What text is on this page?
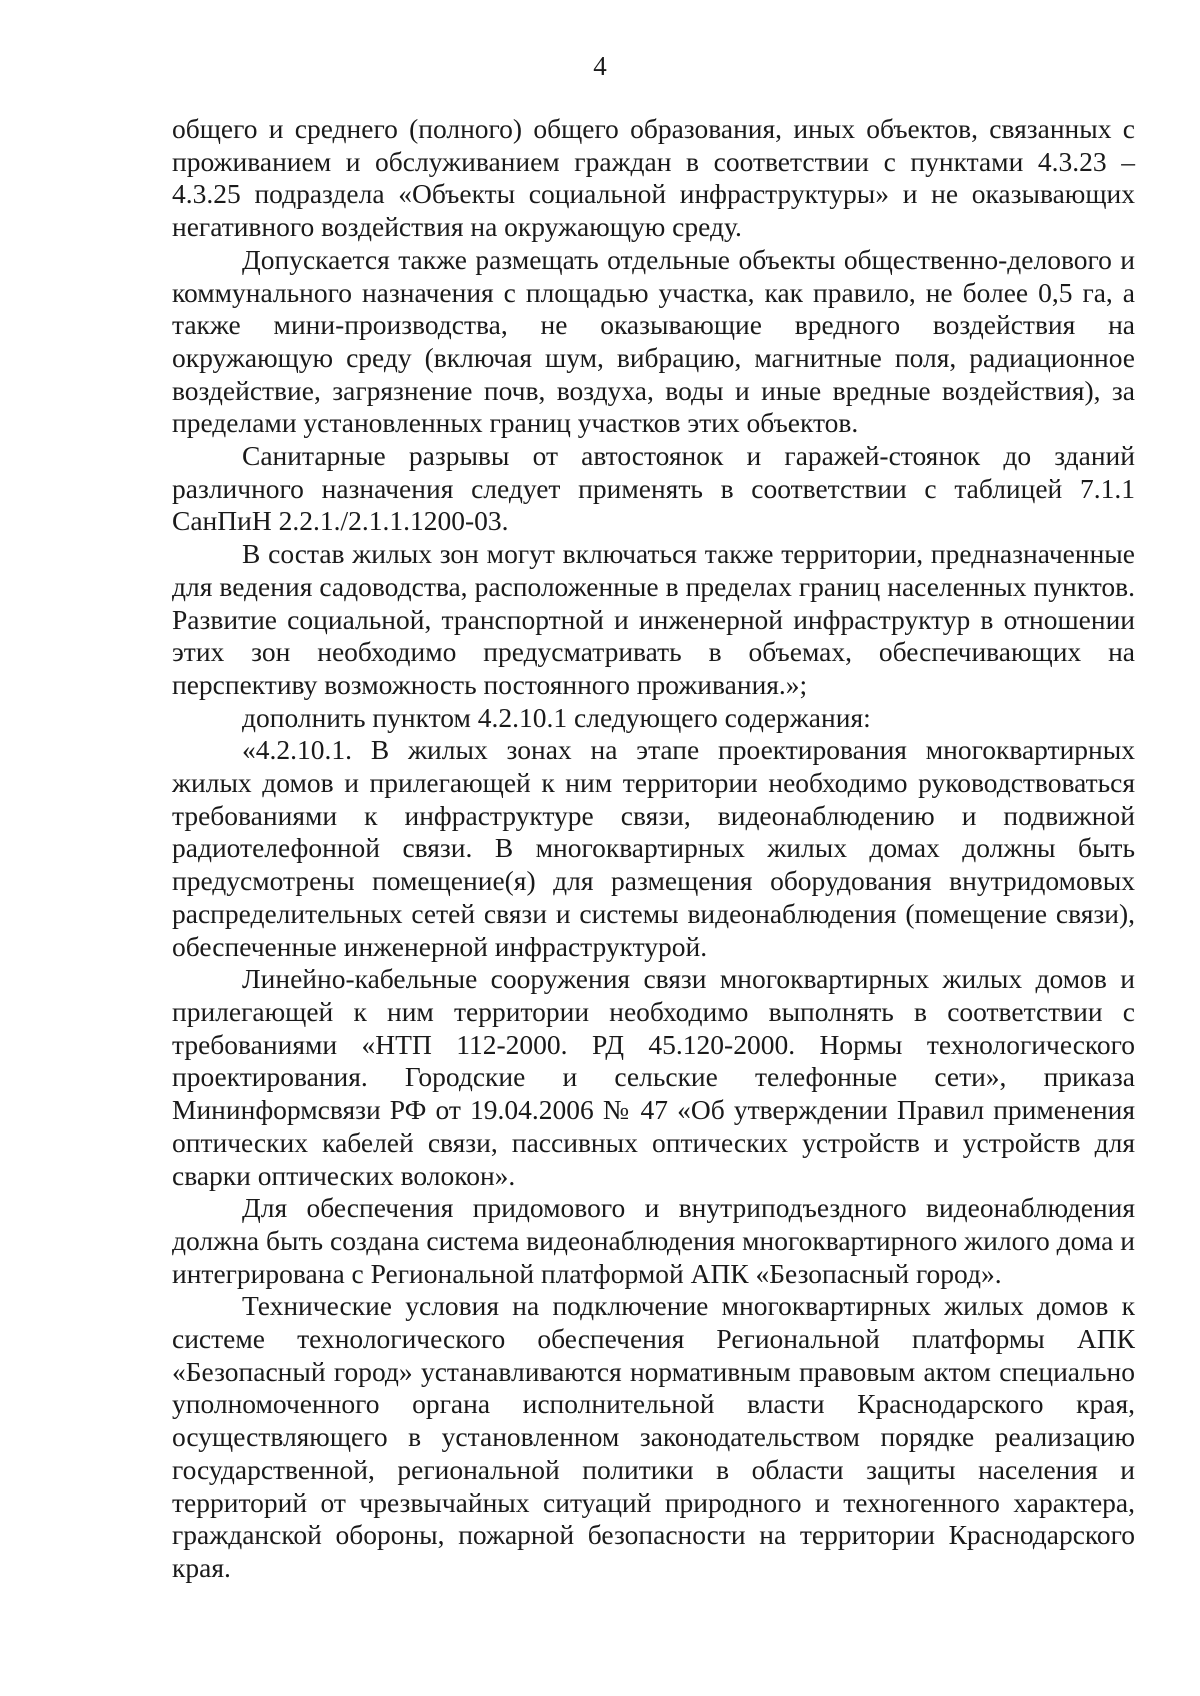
4

общего и среднего (полного) общего образования, иных объектов, связанных с проживанием и обслуживанием граждан в соответствии с пунктами 4.3.23 – 4.3.25 подраздела «Объекты социальной инфраструктуры» и не оказывающих негативного воздействия на окружающую среду.

Допускается также размещать отдельные объекты общественно-делового и коммунального назначения с площадью участка, как правило, не более 0,5 га, а также мини-производства, не оказывающие вредного воздействия на окружающую среду (включая шум, вибрацию, магнитные поля, радиационное воздействие, загрязнение почв, воздуха, воды и иные вредные воздействия), за пределами установленных границ участков этих объектов.

Санитарные разрывы от автостоянок и гаражей-стоянок до зданий различного назначения следует применять в соответствии с таблицей 7.1.1 СанПиН 2.2.1./2.1.1.1200-03.

В состав жилых зон могут включаться также территории, предназначенные для ведения садоводства, расположенные в пределах границ населенных пунктов. Развитие социальной, транспортной и инженерной инфраструктур в отношении этих зон необходимо предусматривать в объемах, обеспечивающих на перспективу возможность постоянного проживания.»;

дополнить пунктом 4.2.10.1 следующего содержания:

«4.2.10.1. В жилых зонах на этапе проектирования многоквартирных жилых домов и прилегающей к ним территории необходимо руководствоваться требованиями к инфраструктуре связи, видеонаблюдению и подвижной радиотелефонной связи. В многоквартирных жилых домах должны быть предусмотрены помещение(я) для размещения оборудования внутридомовых распределительных сетей связи и системы видеонаблюдения (помещение связи), обеспеченные инженерной инфраструктурой.

Линейно-кабельные сооружения связи многоквартирных жилых домов и прилегающей к ним территории необходимо выполнять в соответствии с требованиями «НТП 112-2000. РД 45.120-2000. Нормы технологического проектирования. Городские и сельские телефонные сети», приказа Мининформсвязи РФ от 19.04.2006 № 47 «Об утверждении Правил применения оптических кабелей связи, пассивных оптических устройств и устройств для сварки оптических волокон».

Для обеспечения придомового и внутриподъездного видеонаблюдения должна быть создана система видеонаблюдения многоквартирного жилого дома и интегрирована с Региональной платформой АПК «Безопасный город».

Технические условия на подключение многоквартирных жилых домов к системе технологического обеспечения Региональной платформы АПК «Безопасный город» устанавливаются нормативным правовым актом специально уполномоченного органа исполнительной власти Краснодарского края, осуществляющего в установленном законодательством порядке реализацию государственной, региональной политики в области защиты населения и территорий от чрезвычайных ситуаций природного и техногенного характера, гражданской обороны, пожарной безопасности на территории Краснодарского края.
